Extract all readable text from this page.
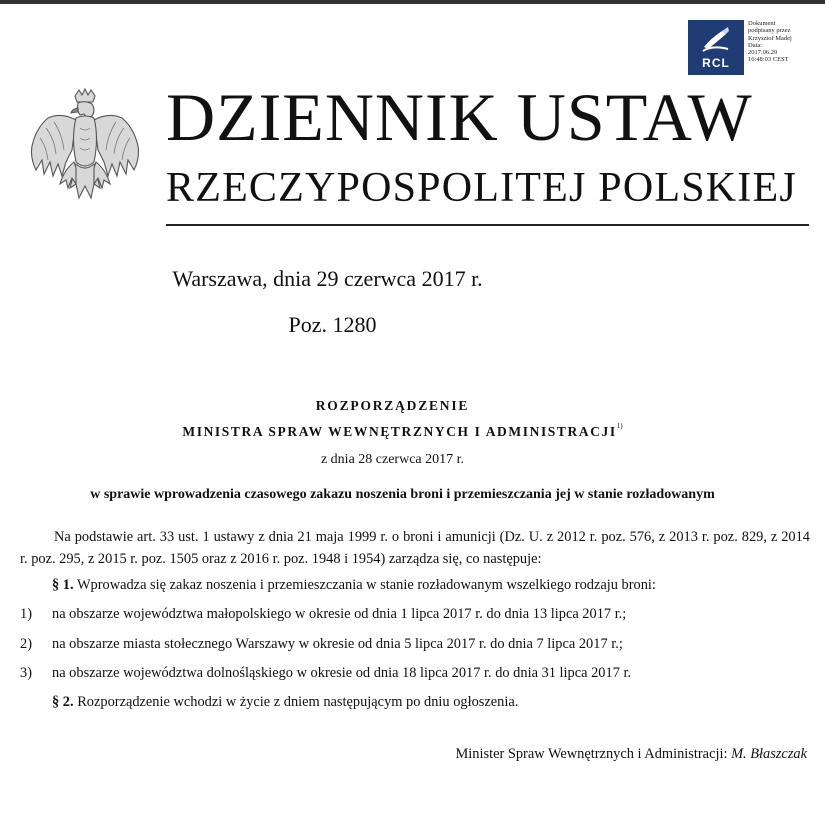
RCL
Dokument
podpisany przez
Krzysztof Madej
Data:
2017.06.29
16:48:03 CEST
DZIENNIK USTAW
RZECZYPOSPOLITEJ POLSKIEJ
Warszawa, dnia 29 czerwca 2017 r.
Poz. 1280
ROZPORZĄDZENIE
MINISTRA SPRAW WEWNĘTRZNYCH I ADMINISTRACJI$^{1)}$
z dnia 28 czerwca 2017 r.
w sprawie wprowadzenia czasowego zakazu noszenia broni i przemieszczania jej w stanie rozładowanym
Na podstawie art. 33 ust. 1 ustawy z dnia 21 maja 1999 r. o broni i amunicji (Dz. U. z 2012 r. poz. 576, z 2013 r. poz. 829, z 2014 r. poz. 295, z 2015 r. poz. 1505 oraz z 2016 r. poz. 1948 i 1954) zarządza się, co następuje:
§ 1. Wprowadza się zakaz noszenia i przemieszczania w stanie rozładowanym wszelkiego rodzaju broni:
1) na obszarze województwa małopolskiego w okresie od dnia 1 lipca 2017 r. do dnia 13 lipca 2017 r.;
2) na obszarze miasta stołecznego Warszawy w okresie od dnia 5 lipca 2017 r. do dnia 7 lipca 2017 r.;
3) na obszarze województwa dolnośląskiego w okresie od dnia 18 lipca 2017 r. do dnia 31 lipca 2017 r.
§ 2. Rozporządzenie wchodzi w życie z dniem następującym po dniu ogłoszenia.
Minister Spraw Wewnętrznych i Administracji: M. Błaszczak
